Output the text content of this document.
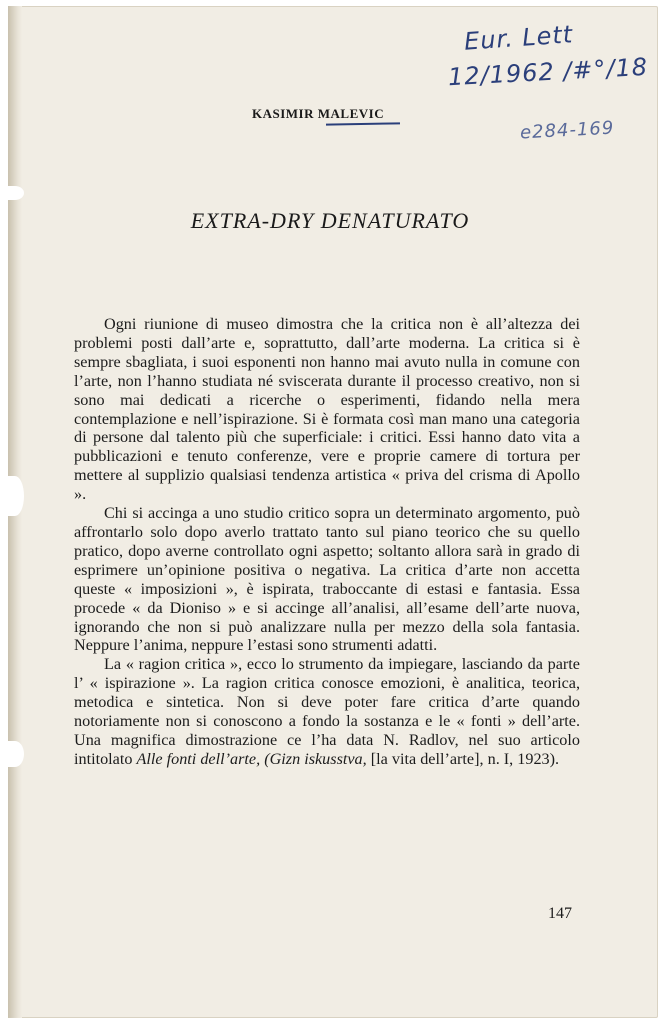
Eur. Lett
12/1962 /#°/18
e284-169
KASIMIR MALEVIC
EXTRA-DRY DENATURATO

Ogni riunione di museo dimostra che la critica non è all’altezza dei problemi posti dall’arte e, soprattutto, dall’arte moderna. La critica si è sempre sbagliata, i suoi esponenti non hanno mai avuto nulla in comune con l’arte, non l’hanno studiata né sviscerata durante il processo creativo, non si sono mai dedicati a ricerche o esperimenti, fidando nella mera contemplazione e nell’ispirazione. Si è formata così man mano una categoria di persone dal talento più che superficiale: i critici. Essi hanno dato vita a pubblicazioni e tenuto conferenze, vere e proprie camere di tortura per mettere al supplizio qualsiasi tendenza artistica « priva del crisma di Apollo ».

Chi si accinga a uno studio critico sopra un determinato argomento, può affrontarlo solo dopo averlo trattato tanto sul piano teorico che su quello pratico, dopo averne controllato ogni aspetto; soltanto allora sarà in grado di esprimere un’opinione positiva o negativa. La critica d’arte non accetta queste « imposizioni », è ispirata, traboccante di estasi e fantasia. Essa procede « da Dioniso » e si accinge all’analisi, all’esame dell’arte nuova, ignorando che non si può analizzare nulla per mezzo della sola fantasia. Neppure l’anima, neppure l’estasi sono strumenti adatti.

La « ragion critica », ecco lo strumento da impiegare, lasciando da parte l’ « ispirazione ». La ragion critica conosce emozioni, è analitica, teorica, metodica e sintetica. Non si deve poter fare critica d’arte quando notoriamente non si conoscono a fondo la sostanza e le « fonti » dell’arte. Una magnifica dimostrazione ce l’ha data N. Radlov, nel suo articolo intitolato Alle fonti dell’arte, (Gizn iskusstva, [la vita dell’arte], n. I, 1923).

147
